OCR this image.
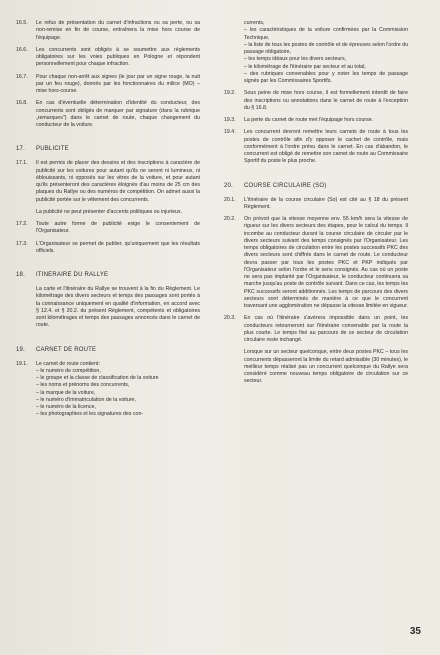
16.5.	Le refus de présentation du carnet d'infractions ou sa perte, ou sa non-remise en fin de course, entraînera la mise hors course de l'équipage.
16.6.	Les concurrents sont obligés à se soumettre aux règlements obligatoires sur les voies publiques en Pologne et répondent personnellement pour chaque infraction.
16.7.	Pour chaque non-arrêt aux signes (le jour par un signe rouge, la nuit par un feu rouge), donnés par les fonctionnaires du milice (MO) – mise hors-course.
16.8.	En cas d'éventuelle détermination d'identité du conducteur, des concurrents sont obligés de marquer par signature (dans la rubrique „remarques") dans le carnet de route, chaque changement du conducteur de la voiture.
17.	PUBLICITE
17.1.	Il est permis de placer des dessins et des inscriptions à caractère de publicité sur les voitures pour autant qu'ils ne seront ni lumineux, ni éblouissants, ni opposés sur les vitres de la voiture, et pour autant qu'ils présenteront des caractères éloignés d'au moins de 25 cm des plaques du Rallye ou des numéros de compétition. On admet aussi la publicité portée sur le vêtement des concurrents.
La publicité ne peut présenter d'accents politiques ou injurieux.
17.2.	Toute autre forme de publicité exige le consentement de l'Organisateur.
17.3.	L'Organisateur se permet de publier, qu'uniquement que les résultats officiels.
18.	ITINERAIRE DU RALLYE
La carte et l'itinéraire du Rallye se trouvent à la fin du Règlement. Le kilométrage des divers secteurs et temps des passages sont portés à la connaissance uniquement en qualité d'information, en accord avec § 12.4. et § 20.2. du présent Règlement, compétents et obligatoires sont kilométrages et temps des passages annoncés dans le carnet de route.
19.	CARNET DE ROUTE
19.1.	Le carnet de route contient:
– le numéro de compétition,
– le groupe et la classe de classification de la voiture
– les noms et prénoms des concurrents,
– la marque de la voiture,
– le numéro d'immatriculation de la voiture,
– le numéro de la licence,
– les photographies et les signatures des con-
currents,
– les caractéristiques de la voiture confirmées par la Commission Technique,
– la liste de tous les postes de contrôle et de épreuves selon l'ordre du passage obligatoire,
– les temps idéaux pour les divers secteurs,
– le kilométrage de l'itinéraire par secteur et au total,
– des rubriques convenables pour y noter les temps de passage signés par les Commissaires Sportifs.
19.2.	Sous peine de mise hors course, il est formellement interdit de faire des inscriptions ou annotations dans le carnet de route à l'exception du § 16.8.
19.3.	La perte du carnet de route met l'équipage hors course.
19.4.	Les concurrent devront remettre leurs carnets de route à tous les postes de contrôle afin d'y opposer le cachet de contrôle, mais conformément à l'ordre prévu dans le carnet. En cas d'abandon, le concurrent est obligé de remettre son carnet de route au Commissaire Sportif du poste le plus proche.
20.	COURSE CIRCULAIRE (SO)
20.1.	L'itinéraire de la course circulaire (So) est cité au § 18 du présent Règlement.
20.2.	On prévoit que la vitesse moyenne env. 55 km/h sera la vitesse de rigueur sur les divers secteurs des étapes, pour le calcul du temps. Il incombe au conducteur durant la course circulaire de circuler par le divers secteurs suivant des temps consignés par l'Organisateur. Les temps obligatoires de circulation entre les postes successifs PKC des divers secteurs sont chiffrés dans le carnet de route. Le conducteur devra passer par tous les postes PKC et PKP indiqués par l'Organisateur selon l'ordre et le sens consignés. Au cas où un poste ne sera pas implanté par l'Organisateur, le conducteur continuera sa marche jusqu'au poste de contrôle suivant. Dans ce cas, les temps les PKC successifs seront additionnés. Les temps de parcours des divers secteurs sont déterminés de manière à ce que le concurrent traversant une agglomération ne dépasse la vitesse limitée en vigueur.
20.3.	En cas où l'itinéraire s'avérera impossible dans un point, les conducteurs retourneront sur l'itinéraire convenable par la route la plus courte. Le temps fixé au parcours de ce secteur de circulation circulaire reste inchangé.
Lorsque sur un secteur quelconque, entre deux postes PKC – tous les concurrents dépasseront la limite du retard admissible (30 minutes), le meilleur temps réalisé pas un concurrent quelconque du Rallye sera considéré comme nouveau temps obligatoire de circulation sur ce secteur.
35
